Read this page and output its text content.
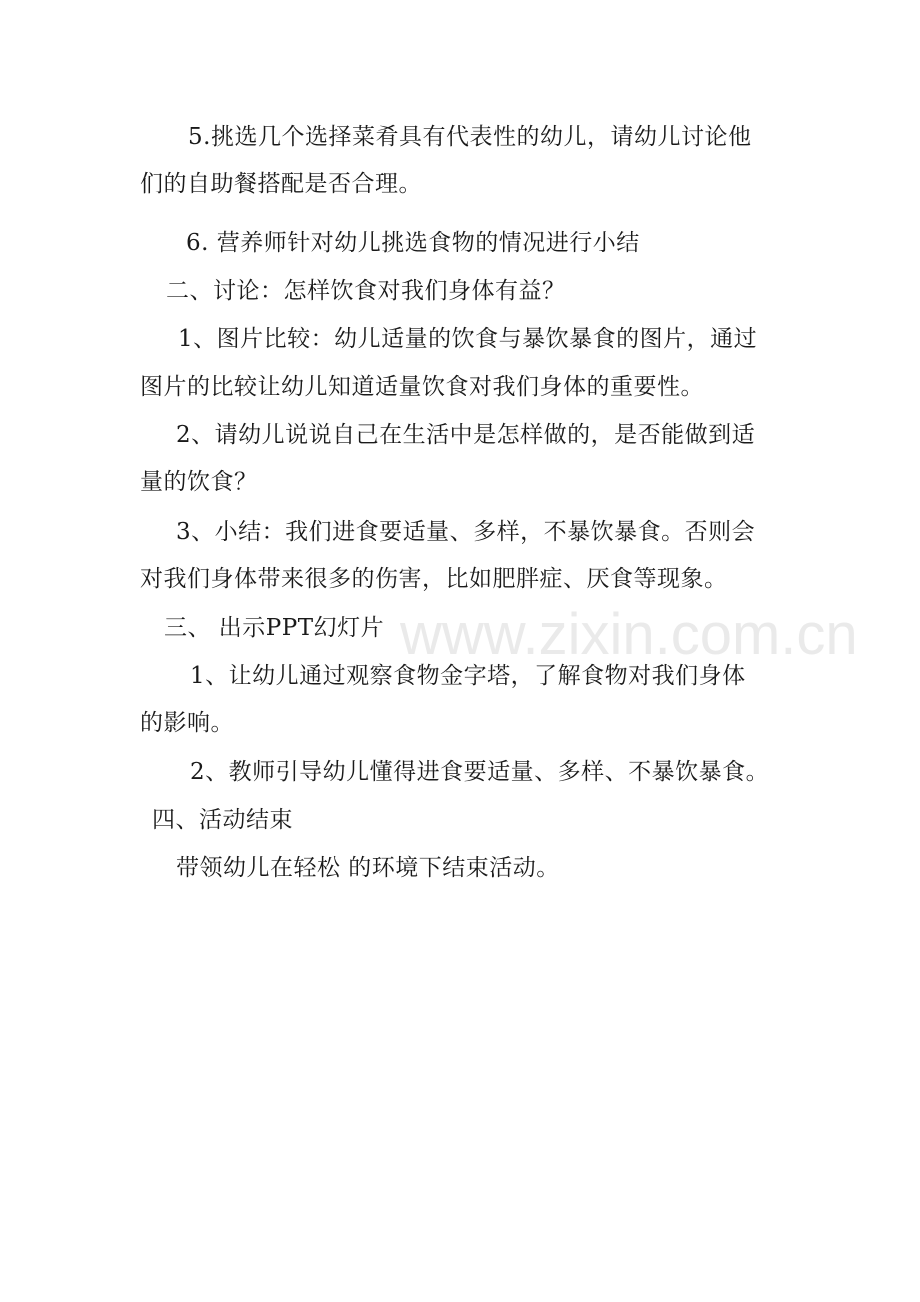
5.挑选几个选择菜肴具有代表性的幼儿，请幼儿讨论他
们的自助餐搭配是否合理。
6. 营养师针对幼儿挑选食物的情况进行小结
二、讨论：怎样饮食对我们身体有益？
1、图片比较：幼儿适量的饮食与暴饮暴食的图片，通过
图片的比较让幼儿知道适量饮食对我们身体的重要性。
2、请幼儿说说自己在生活中是怎样做的，是否能做到适
量的饮食？
3、小结：我们进食要适量、多样，不暴饮暴食。否则会
对我们身体带来很多的伤害，比如肥胖症、厌食等现象。
三、 出示PPT幻灯片
1、让幼儿通过观察食物金字塔，了解食物对我们身体
的影响。
2、教师引导幼儿懂得进食要适量、多样、不暴饮暴食。
四、活动结束
带领幼儿在轻松 的环境下结束活动。
www.zixin.com.cn
